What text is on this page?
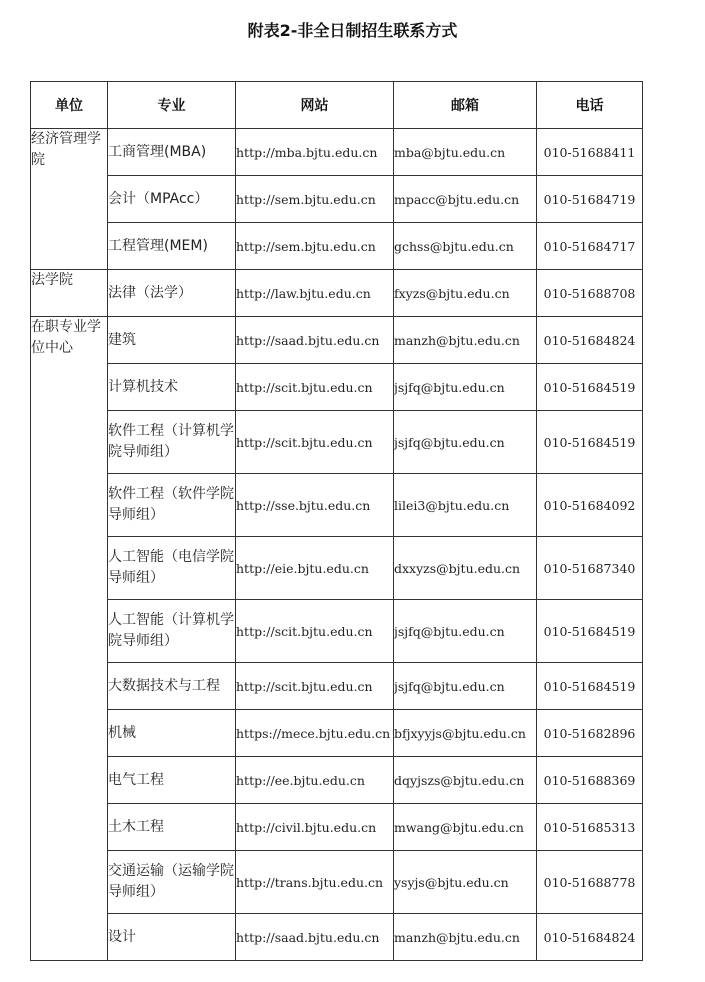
附表2-非全日制招生联系方式
单位	专业	网站	邮箱	电话
经济管理学院	工商管理(MBA)	http://mba.bjtu.edu.cn	mba@bjtu.edu.cn	010-51688411
	会计（MPAcc）	http://sem.bjtu.edu.cn	mpacc@bjtu.edu.cn	010-51684719
	工程管理(MEM)	http://sem.bjtu.edu.cn	gchss@bjtu.edu.cn	010-51684717
法学院	法律（法学）	http://law.bjtu.edu.cn	fxyzs@bjtu.edu.cn	010-51688708
在职专业学位中心	建筑	http://saad.bjtu.edu.cn	manzh@bjtu.edu.cn	010-51684824
	计算机技术	http://scit.bjtu.edu.cn	jsjfq@bjtu.edu.cn	010-51684519
	软件工程（计算机学院导师组）	http://scit.bjtu.edu.cn	jsjfq@bjtu.edu.cn	010-51684519
	软件工程（软件学院导师组）	http://sse.bjtu.edu.cn	lilei3@bjtu.edu.cn	010-51684092
	人工智能（电信学院导师组）	http://eie.bjtu.edu.cn	dxxyzs@bjtu.edu.cn	010-51687340
	人工智能（计算机学院导师组）	http://scit.bjtu.edu.cn	jsjfq@bjtu.edu.cn	010-51684519
	大数据技术与工程	http://scit.bjtu.edu.cn	jsjfq@bjtu.edu.cn	010-51684519
	机械	https://mece.bjtu.edu.cn	bfjxyyjs@bjtu.edu.cn	010-51682896
	电气工程	http://ee.bjtu.edu.cn	dqyjszs@bjtu.edu.cn	010-51688369
	土木工程	http://civil.bjtu.edu.cn	mwang@bjtu.edu.cn	010-51685313
	交通运输（运输学院导师组）	http://trans.bjtu.edu.cn	ysyjs@bjtu.edu.cn	010-51688778
	设计	http://saad.bjtu.edu.cn	manzh@bjtu.edu.cn	010-51684824
